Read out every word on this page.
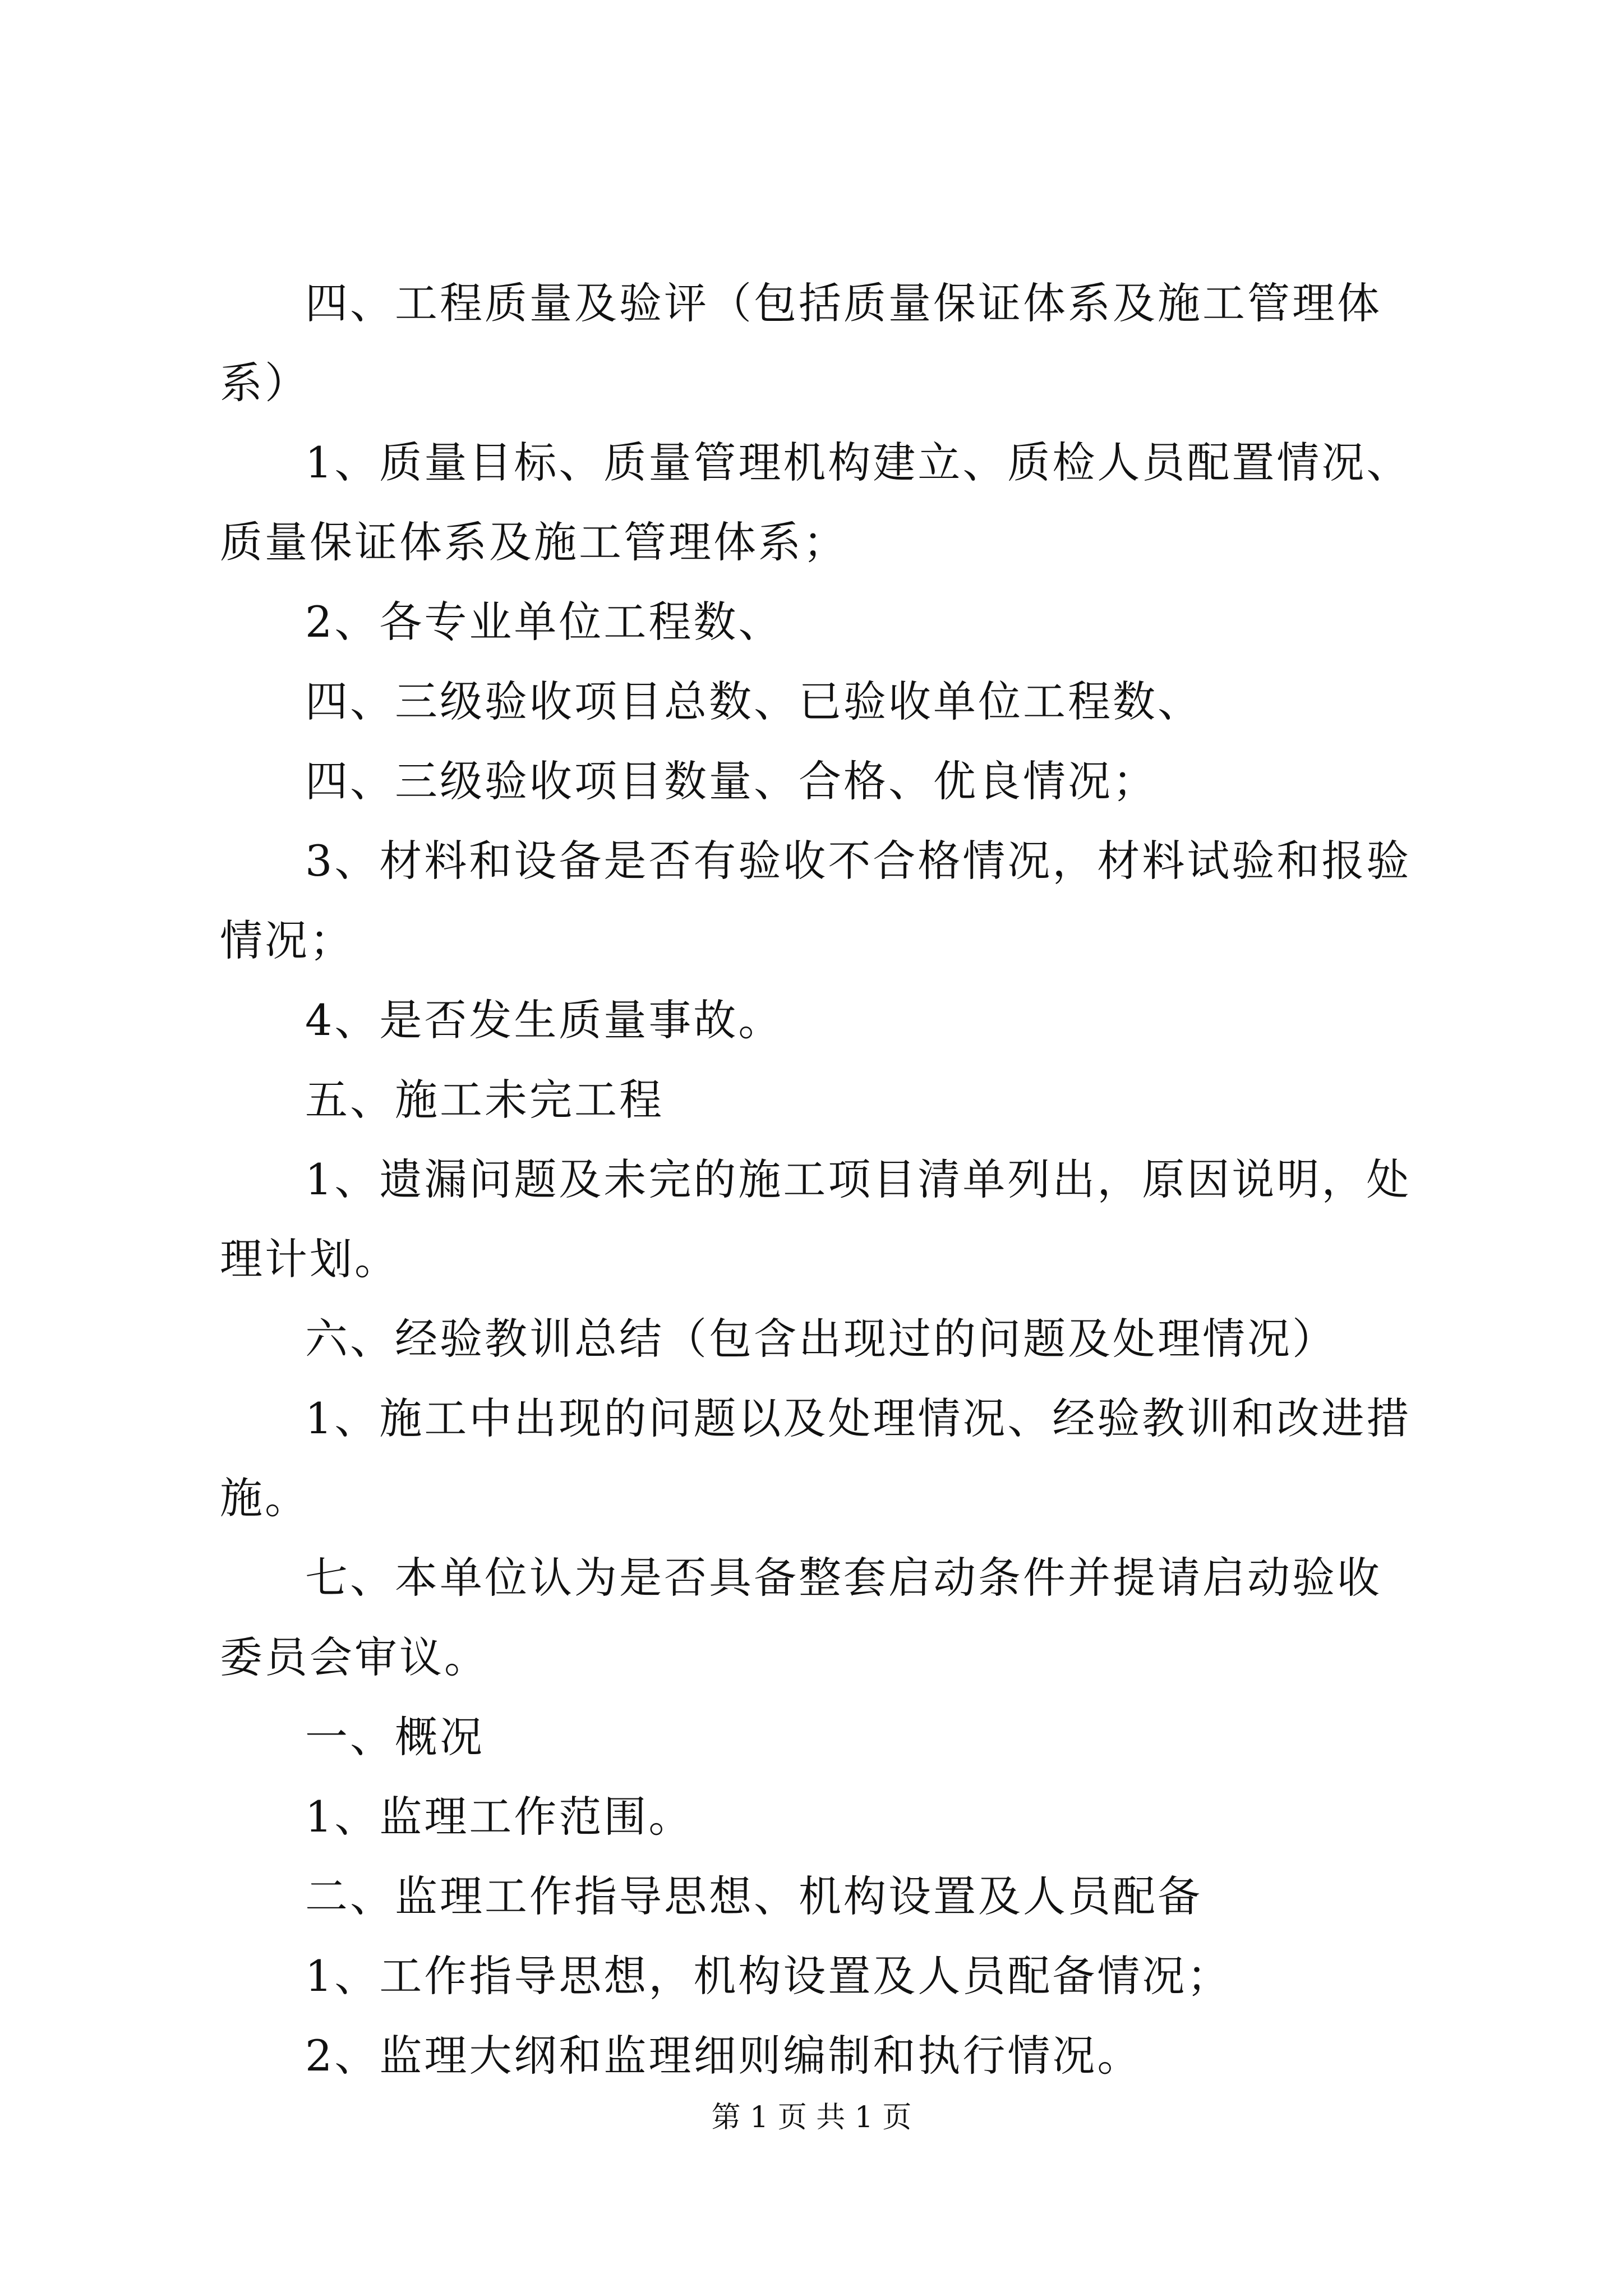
四、工程质量及验评（包括质量保证体系及施工管理体系）

1、质量目标、质量管理机构建立、质检人员配置情况、质量保证体系及施工管理体系；

2、各专业单位工程数、

四、三级验收项目总数、已验收单位工程数、

四、三级验收项目数量、合格、优良情况；

3、材料和设备是否有验收不合格情况，材料试验和报验情况；

4、是否发生质量事故。

五、施工未完工程

1、遗漏问题及未完的施工项目清单列出，原因说明，处理计划。

六、经验教训总结（包含出现过的问题及处理情况）

1、施工中出现的问题以及处理情况、经验教训和改进措施。

七、本单位认为是否具备整套启动条件并提请启动验收委员会审议。

一、概况

1、监理工作范围。

二、监理工作指导思想、机构设置及人员配备

1、工作指导思想，机构设置及人员配备情况；

2、监理大纲和监理细则编制和执行情况。

第 1 页 共 1 页
